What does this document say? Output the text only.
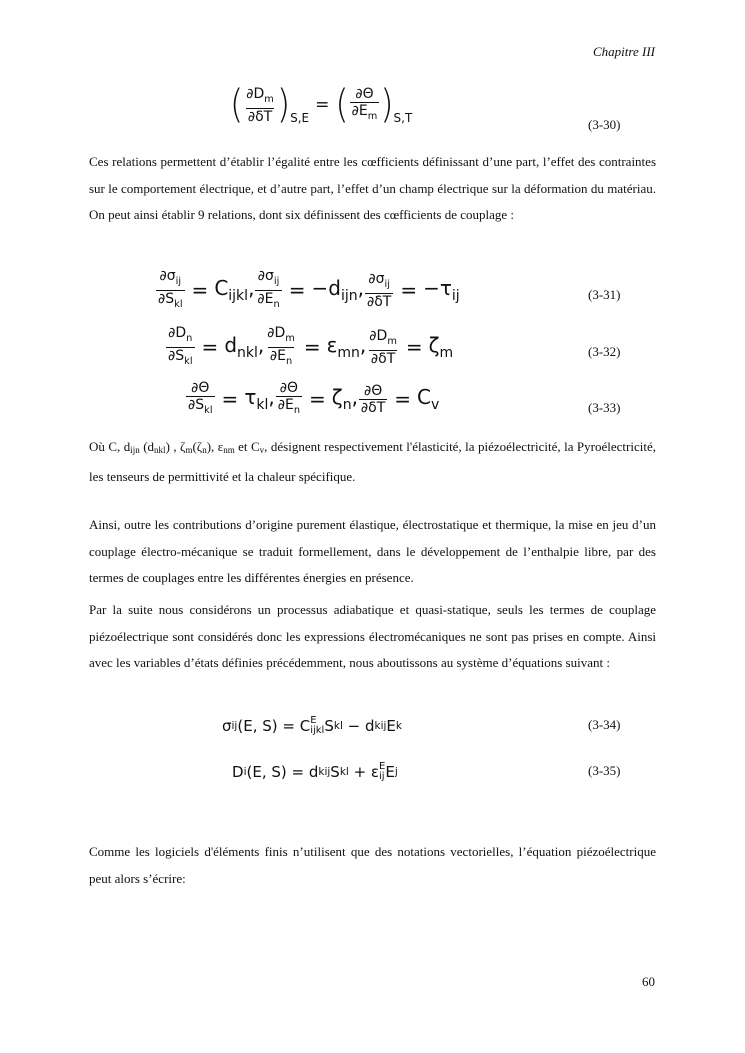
Chapitre III
( $\frac{\partial D_m}{\partial\delta T}$ ) S,E
= ( $\frac{\partial\Theta}{\partial E_m}$ ) S,T	(3-30)
Ces relations permettent d’établir l’égalité entre les cœfficients définissant d’une part, l’effet des contraintes sur le comportement électrique, et d’autre part, l’effet d’un champ électrique sur la déformation du matériau. On peut ainsi établir 9 relations, dont six définissent des cœfficients de couplage :
$\frac{\partial\sigma_{ij}}{\partial S_{kl}} = C_{ijkl}$, $\frac{\partial\sigma_{ij}}{\partial E_n} = -d_{ijn}$, $\frac{\partial\sigma_{ij}}{\partial\delta T} = -\tau_{ij}$	(3-31)
$\frac{\partial D_n}{\partial S_{kl}} = d_{nkl}$, $\frac{\partial D_m}{\partial E_n} = \varepsilon_{mn}$, $\frac{\partial D_m}{\partial\delta T} = \zeta_m$	(3-32)
$\frac{\partial\Theta}{\partial S_{kl}} = \tau_{kl}$, $\frac{\partial\Theta}{\partial E_n} = \zeta_n$, $\frac{\partial\Theta}{\partial\delta T} = C_v$	(3-33)
Où C, dijn (dnkl) , ζm(ζn), εnm et Cv, désignent respectivement l'élasticité, la piézoélectricité, la Pyroélectricité, les tenseurs de permittivité et la chaleur spécifique.
Ainsi, outre les contributions d’origine purement élastique, électrostatique et thermique, la mise en jeu d’un couplage électro-mécanique se traduit formellement, dans le développement de l’enthalpie libre, par des termes de couplages entre les différentes énergies en présence.
Par la suite nous considérons un processus adiabatique et quasi-statique, seuls les termes de couplage piézoélectrique sont considérés donc les expressions électromécaniques ne sont pas prises en compte. Ainsi avec les variables d’états définies précédemment, nous aboutissons au système d’équations suivant :
σ ij (E, S) = C E
ijkl S kl − d kij E k	(3-34)
D i (E, S) = d kij S kl + ε E
ij E j	(3-35)
Comme les logiciels d'éléments finis n’utilisent que des notations vectorielles, l’équation piézoélectrique peut alors s’écrire:
60
